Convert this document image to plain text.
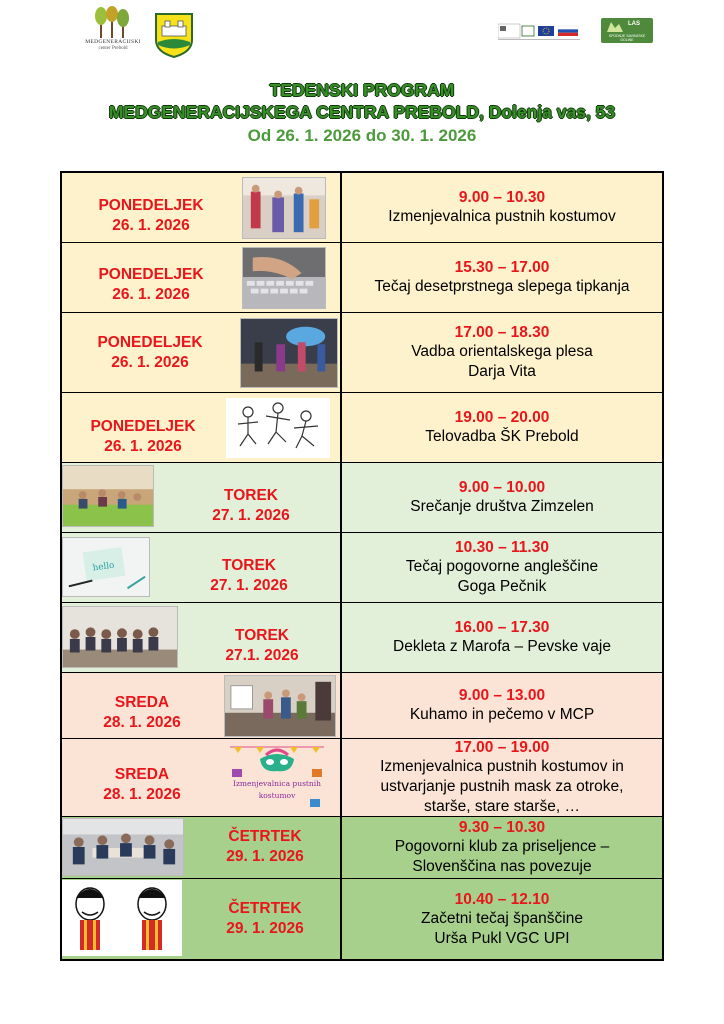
MEDGENERACIJSKI
center Prebold
LAS
SPODNJE SAVINJSKE DOLINE
TEDENSKI PROGRAM
MEDGENERACIJSKEGA CENTRA PREBOLD, Dolenja vas, 53
Od 26. 1. 2026 do 30. 1. 2026
PONEDELJEK
26. 1. 2026
9.00 – 10.30
Izmenjevalnica pustnih kostumov
PONEDELJEK
26. 1. 2026
15.30 – 17.00
Tečaj desetprstnega slepega tipkanja
PONEDELJEK
26. 1. 2026
17.00 – 18.30
Vadba orientalskega plesa
Darja Vita
PONEDELJEK
26. 1. 2026
19.00 – 20.00
Telovadba ŠK Prebold
TOREK
27. 1. 2026
9.00 – 10.00
Srečanje društva Zimzelen
hello	TOREK
27. 1. 2026
10.30 – 11.30
Tečaj pogovorne angleščine
Goga Pečnik
TOREK
27.1. 2026
16.00 – 17.30
Dekleta z Marofa – Pevske vaje
SREDA
28. 1. 2026
9.00 – 13.00
Kuhamo in pečemo v MCP
SREDA
28. 1. 2026
Izmenjevalnica pustnih
kostumov
17.00 – 19.00
Izmenjevalnica pustnih kostumov in
ustvarjanje pustnih mask za otroke,
starše, stare starše, …
ČETRTEK
29. 1. 2026
9.30 – 10.30
Pogovorni klub za priseljence –
Slovenščina nas povezuje
ČETRTEK
29. 1. 2026
10.40 – 12.10
Začetni tečaj španščine
Urša Pukl VGC UPI
